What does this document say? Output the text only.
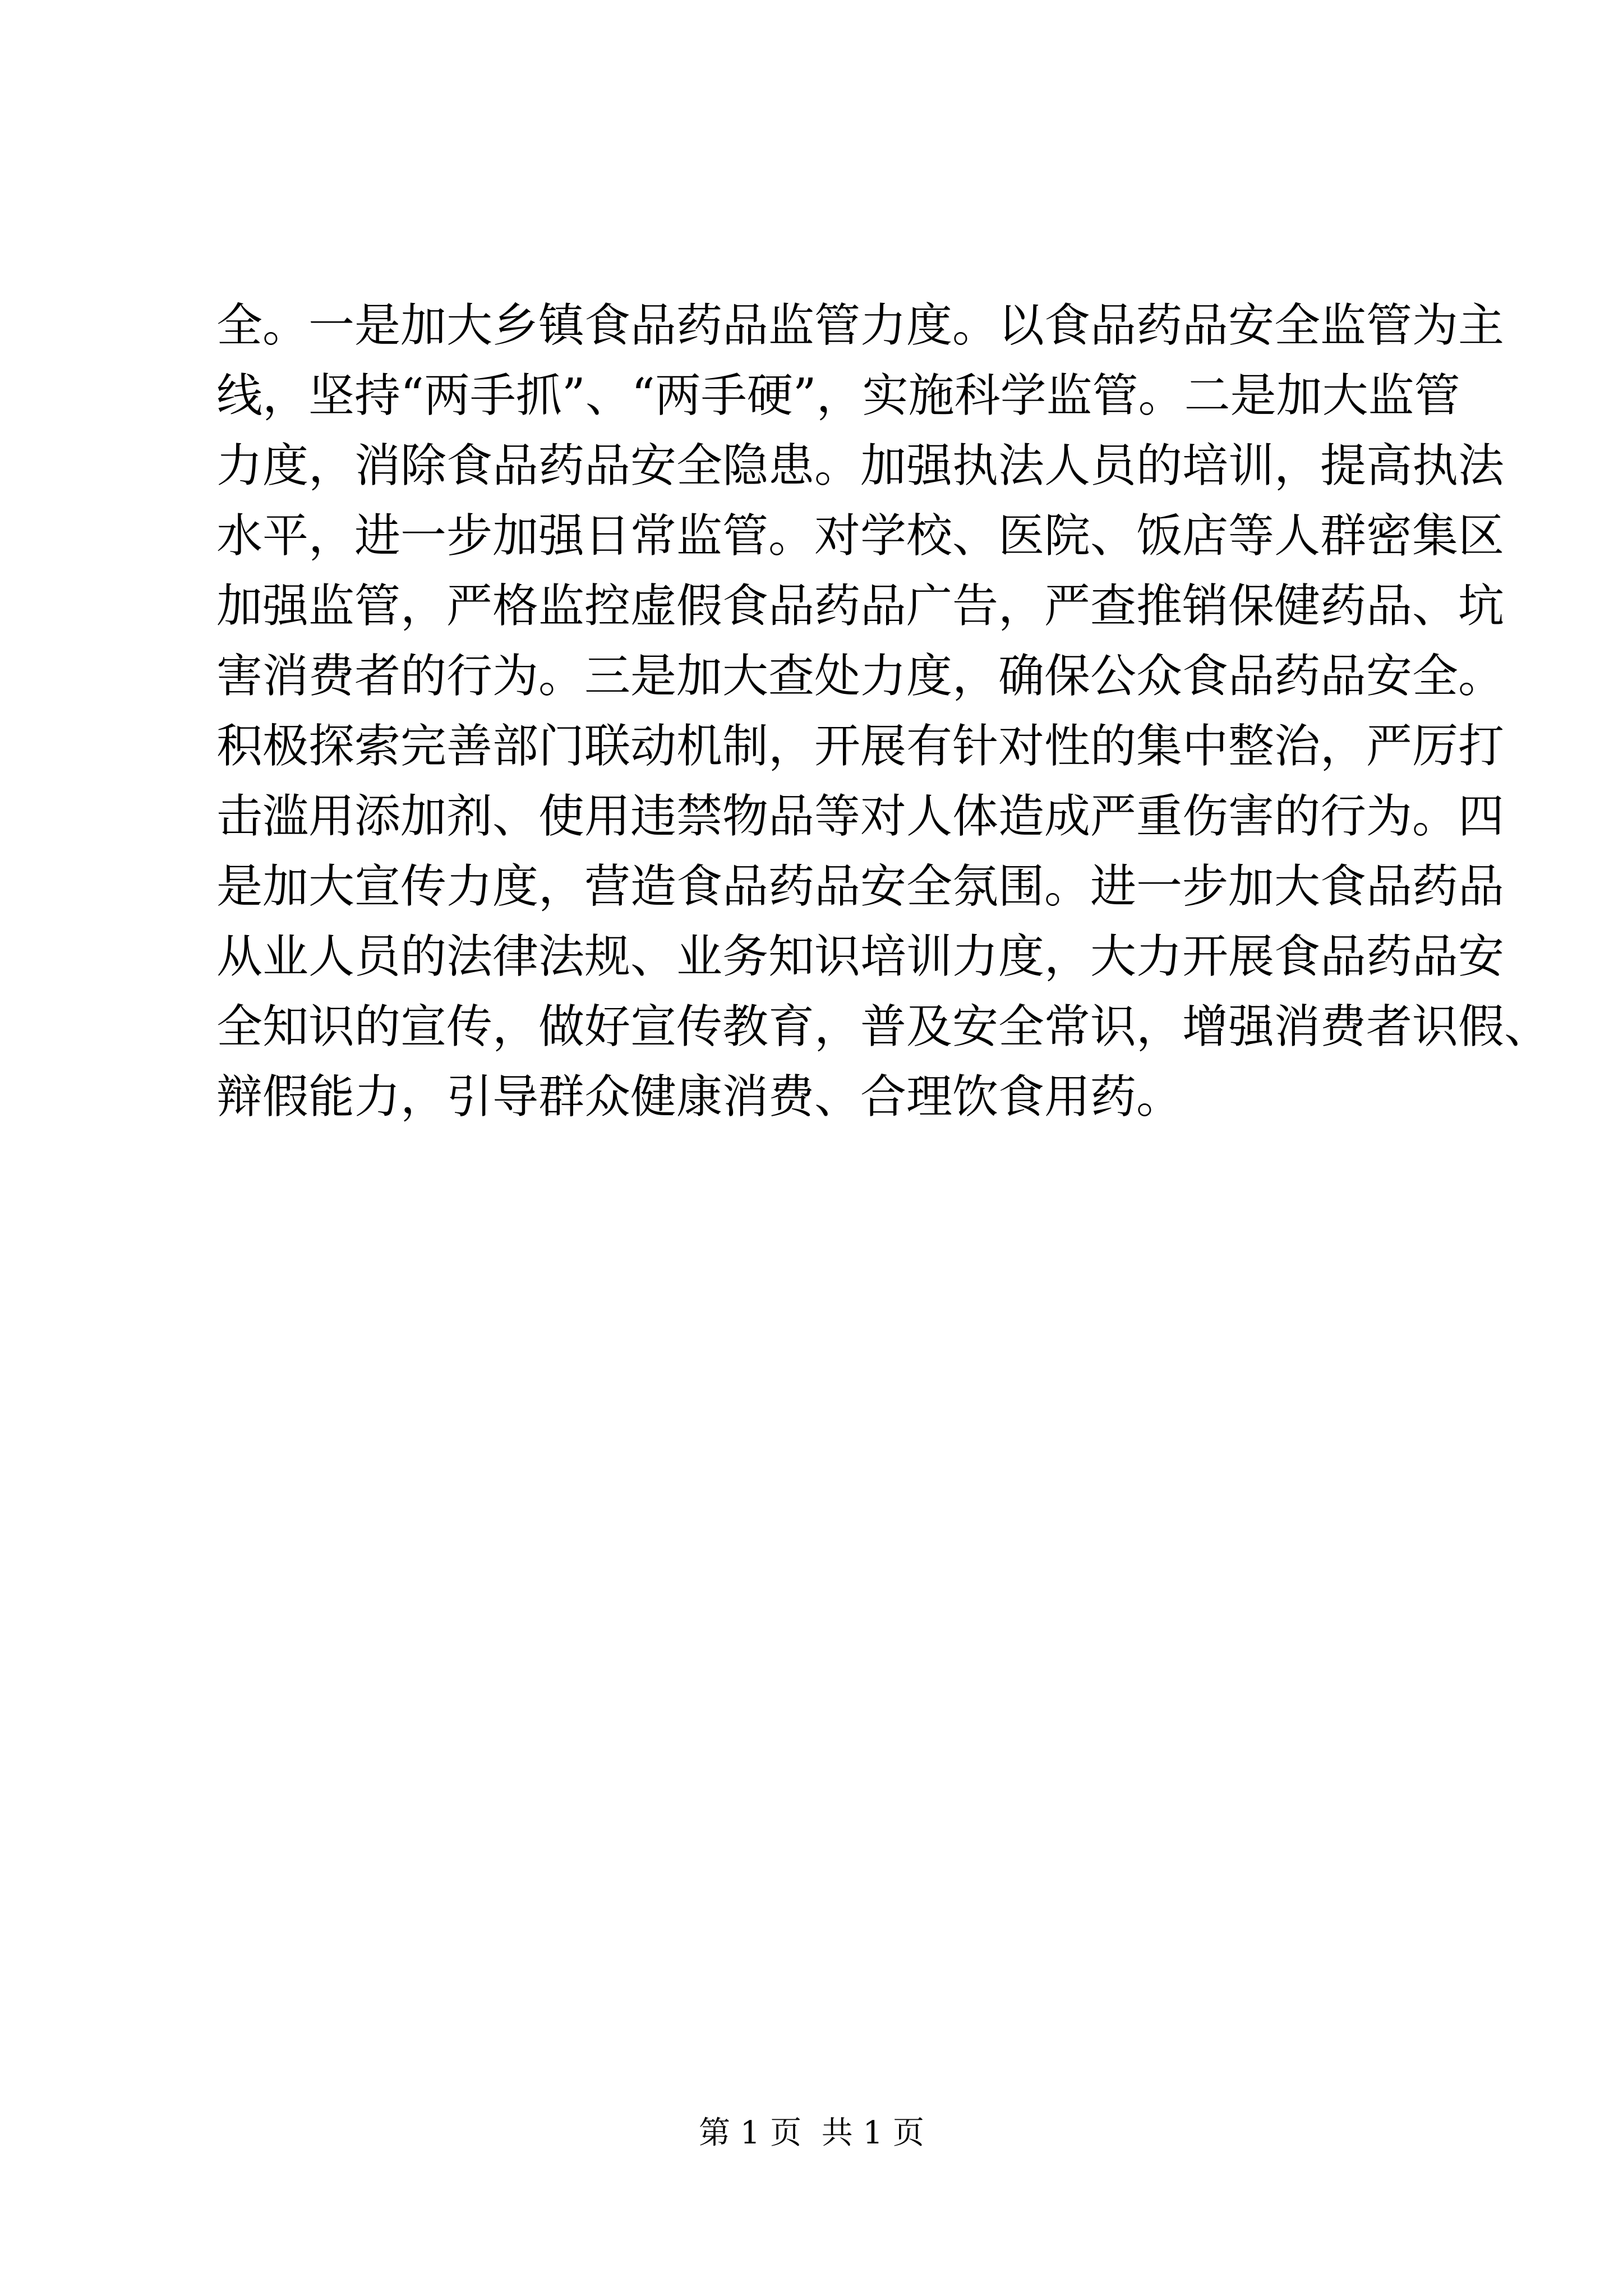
全。一是加大乡镇食品药品监管力度。以食品药品安全监管为主
线，坚持“两手抓”、“两手硬”，实施科学监管。二是加大监管
力度，消除食品药品安全隐患。加强执法人员的培训，提高执法
水平，进一步加强日常监管。对学校、医院、饭店等人群密集区
加强监管，严格监控虚假食品药品广告，严查推销保健药品、坑
害消费者的行为。三是加大查处力度，确保公众食品药品安全。
积极探索完善部门联动机制，开展有针对性的集中整治，严厉打
击滥用添加剂、使用违禁物品等对人体造成严重伤害的行为。四
是加大宣传力度，营造食品药品安全氛围。进一步加大食品药品
从业人员的法律法规、业务知识培训力度，大力开展食品药品安
全知识的宣传，做好宣传教育，普及安全常识，增强消费者识假、
辩假能力，引导群众健康消费、合理饮食用药。
第 1 页  共 1 页
